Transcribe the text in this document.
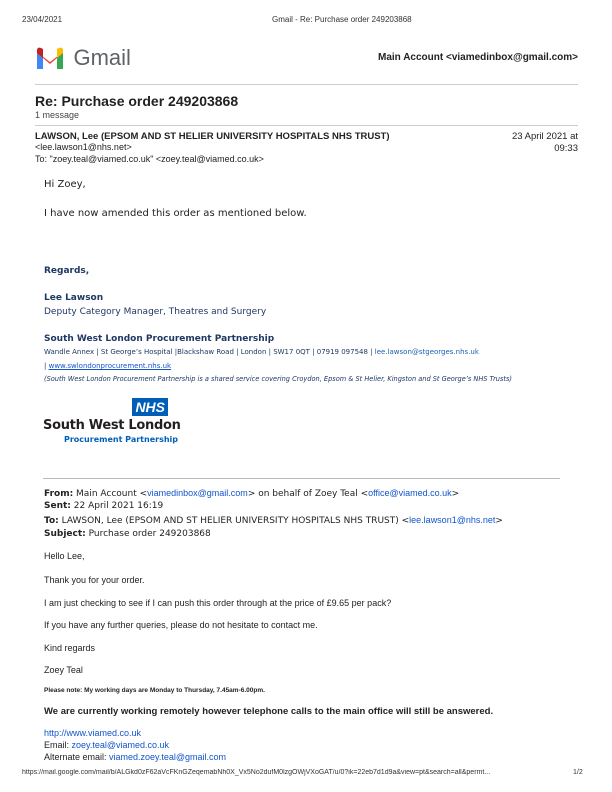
23/04/2021	Gmail - Re: Purchase order 249203868
Gmail	Main Account <viamedinbox@gmail.com>
Re: Purchase order 249203868
1 message
LAWSON, Lee (EPSOM AND ST HELIER UNIVERSITY HOSPITALS NHS TRUST)
<lee.lawson1@nhs.net>
To: "zoey.teal@viamed.co.uk" <zoey.teal@viamed.co.uk>
23 April 2021 at
09:33
Hi Zoey,
I have now amended this order as mentioned below.
Regards,
Lee Lawson
Deputy Category Manager, Theatres and Surgery
South West London Procurement Partnership
Wandle Annex | St George’s Hospital |Blackshaw Road | London | SW17 0QT | 07919 097548 | lee.lawson@stgeorges.nhs.uk
| www.swlondonprocurement.nhs.uk
(South West London Procurement Partnership is a shared service covering Croydon, Epsom & St Helier, Kingston and St George’s NHS Trusts)
NHS
South West London
Procurement Partnership
From: Main Account <viamedinbox@gmail.com> on behalf of Zoey Teal <office@viamed.co.uk>
Sent: 22 April 2021 16:19
To: LAWSON, Lee (EPSOM AND ST HELIER UNIVERSITY HOSPITALS NHS TRUST) <lee.lawson1@nhs.net>
Subject: Purchase order 249203868
Hello Lee,
Thank you for your order.
I am just checking to see if I can push this order through at the price of £9.65 per pack?
If you have any further queries, please do not hesitate to contact me.
Kind regards
Zoey Teal
Please note: My working days are Monday to Thursday, 7.45am-6.00pm.
We are currently working remotely however telephone calls to the main office will still be answered.
http://www.viamed.co.uk
Email: zoey.teal@viamed.co.uk
Alternate email: viamed.zoey.teal@gmail.com
https://mail.google.com/mail/b/ALGkd0zF62aVcFKnGZeqemabNh0X_Vx5No2dufM0lzgOWjVXoGAT/u/0?ik=22eb7d1d9a&view=pt&search=all&permt...	1/2
